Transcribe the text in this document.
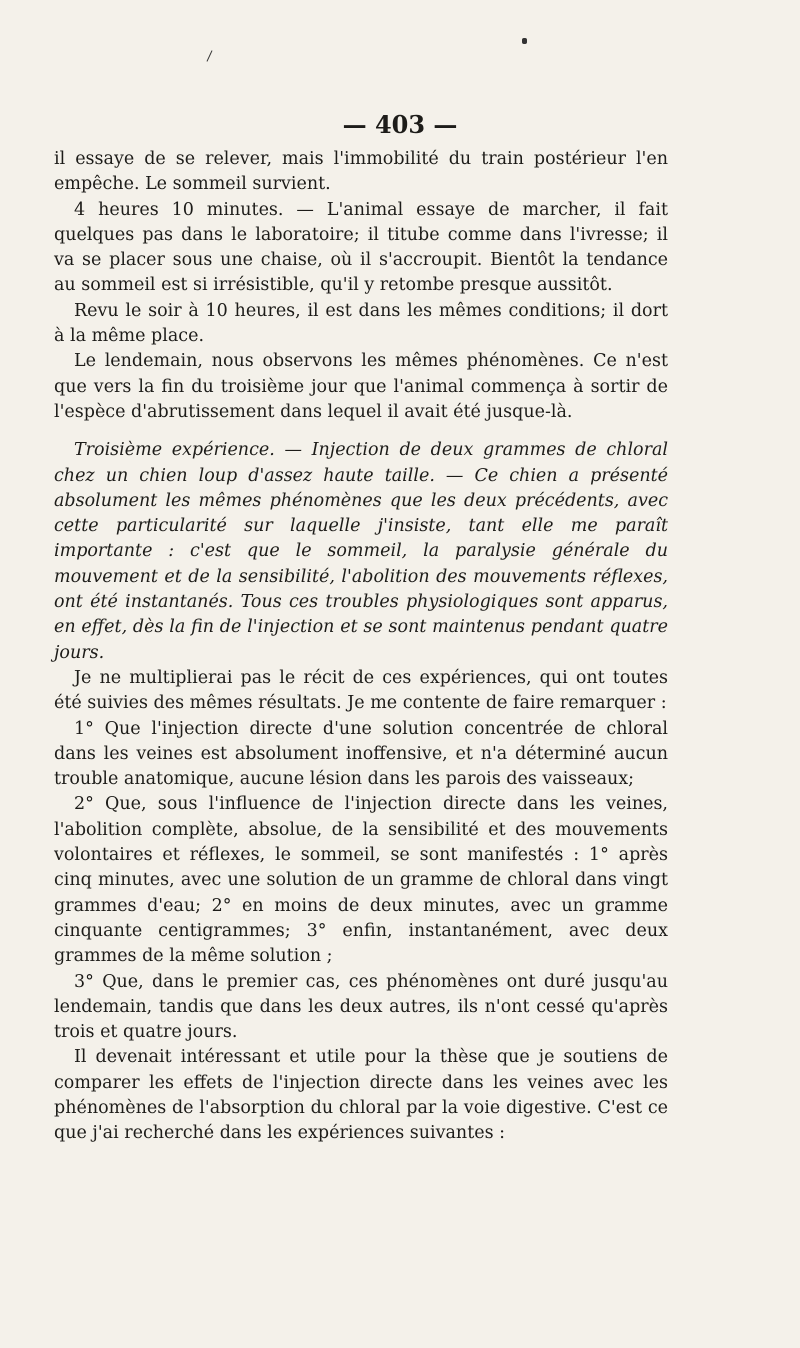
— 403 —

il essaye de se relever, mais l'immobilité du train postérieur l'en empêche. Le sommeil survient.

4 heures 10 minutes. — L'animal essaye de marcher, il fait quelques pas dans le laboratoire; il titube comme dans l'ivresse; il va se placer sous une chaise, où il s'accroupit. Bientôt la tendance au sommeil est si irrésistible, qu'il y retombe presque aussitôt.

Revu le soir à 10 heures, il est dans les mêmes conditions; il dort à la même place.

Le lendemain, nous observons les mêmes phénomènes. Ce n'est que vers la fin du troisième jour que l'animal commença à sortir de l'espèce d'abrutissement dans lequel il avait été jusque-là.

Troisième expérience. — Injection de deux grammes de chloral chez un chien loup d'assez haute taille. — Ce chien a présenté absolument les mêmes phénomènes que les deux précédents, avec cette particularité sur laquelle j'insiste, tant elle me paraît importante : c'est que le sommeil, la paralysie générale du mouvement et de la sensibilité, l'abolition des mouvements réflexes, ont été instantanés. Tous ces troubles physiologiques sont apparus, en effet, dès la fin de l'injection et se sont maintenus pendant quatre jours.

Je ne multiplierai pas le récit de ces expériences, qui ont toutes été suivies des mêmes résultats. Je me contente de faire remarquer :

1° Que l'injection directe d'une solution concentrée de chloral dans les veines est absolument inoffensive, et n'a déterminé aucun trouble anatomique, aucune lésion dans les parois des vaisseaux;

2° Que, sous l'influence de l'injection directe dans les veines, l'abolition complète, absolue, de la sensibilité et des mouvements volontaires et réflexes, le sommeil, se sont manifestés : 1° après cinq minutes, avec une solution de un gramme de chloral dans vingt grammes d'eau; 2° en moins de deux minutes, avec un gramme cinquante centigrammes; 3° enfin, instantanément, avec deux grammes de la même solution ;

3° Que, dans le premier cas, ces phénomènes ont duré jusqu'au lendemain, tandis que dans les deux autres, ils n'ont cessé qu'après trois et quatre jours.

Il devenait intéressant et utile pour la thèse que je soutiens de comparer les effets de l'injection directe dans les veines avec les phénomènes de l'absorption du chloral par la voie digestive. C'est ce que j'ai recherché dans les expériences suivantes :
